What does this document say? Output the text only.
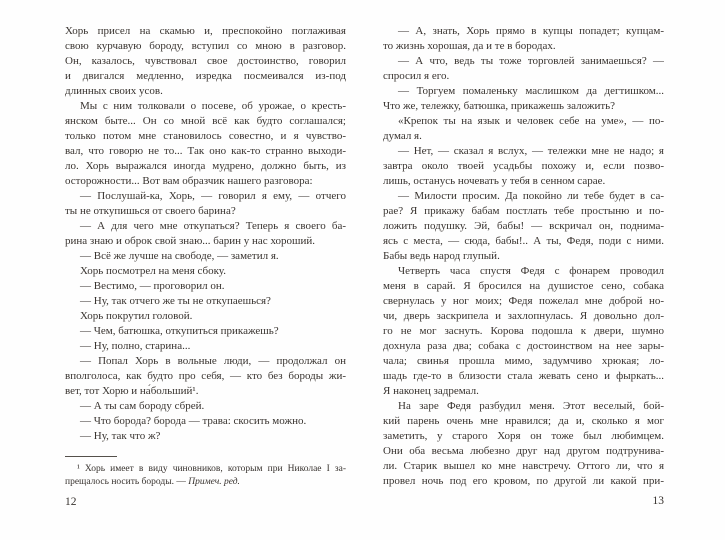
Хорь присел на скамью и, преспокойно поглаживая
свою курчавую бороду, вступил со мною в разговор.
Он, казалось, чувствовал свое достоинство, говорил
и двигался медленно, изредка посмеивался из-под
длинных своих усов.
Мы с ним толковали о посеве, об урожае, о кресть-
янском быте... Он со мной всё как будто соглашался;
только потом мне становилось совестно, и я чувство-
вал, что говорю не то... Так оно как-то странно выходи-
ло. Хорь выражался иногда мудрено, должно быть, из
осторожности... Вот вам образчик нашего разговора:
— Послушай-ка, Хорь, — говорил я ему, — отчего
ты не откупишься от своего барина?
— А для чего мне откупаться? Теперь я своего ба-
рина знаю и оброк свой знаю... барин у нас хороший.
— Всё же лучше на свободе, — заметил я.
Хорь посмотрел на меня сбоку.
— Вестимо, — проговорил он.
— Ну, так отчего же ты не откупаешься?
Хорь покрутил головой.
— Чем, батюшка, откупиться прикажешь?
— Ну, полно, старина...
— Попал Хорь в вольные люди, — продолжал он
вполголоса, как будто про себя, — кто без бороды жи-
вет, тот Хорю и на́больший¹.
— А ты сам бороду сбрей.
— Что борода? борода — трава: скосить можно.
— Ну, так что ж?
¹ Хорь имеет в виду чиновников, которым при Николае I за-
прещалось носить бороды. — Примеч. ред.
12
— А, знать, Хорь прямо в купцы попадет; купцам-
то жизнь хорошая, да и те в бородах.
— А что, ведь ты тоже торговлей занимаешься? —
спросил я его.
— Торгуем помаленьку маслишком да дегтишком...
Что же, тележку, батюшка, прикажешь заложить?
«Крепок ты на язык и человек себе на уме», — по-
думал я.
— Нет, — сказал я вслух, — тележки мне не надо; я
завтра около твоей усадьбы похожу и, если позво-
лишь, останусь ночевать у тебя в сенном сарае.
— Милости просим. Да покойно ли тебе будет в са-
рае? Я прикажу бабам постлать тебе простыню и по-
ложить подушку. Эй, бабы! — вскричал он, поднима-
ясь с места, — сюда, бабы!.. А ты, Федя, поди с ними.
Бабы ведь народ глупый.
Четверть часа спустя Федя с фонарем проводил
меня в сарай. Я бросился на душистое сено, собака
свернулась у ног моих; Федя пожелал мне доброй но-
чи, дверь заскрипела и захлопнулась. Я довольно дол-
го не мог заснуть. Корова подошла к двери, шумно
дохнула раза два; собака с достоинством на нее зары-
чала; свинья прошла мимо, задумчиво хрюкая; ло-
шадь где-то в близости стала жевать сено и фыркать...
Я наконец задремал.
На заре Федя разбудил меня. Этот веселый, бой-
кий парень очень мне нравился; да и, сколько я мог
заметить, у старого Хоря он тоже был любимцем.
Они оба весьма любезно друг над другом подтрунива-
ли. Старик вышел ко мне навстречу. Оттого ли, что я
провел ночь под его кровом, по другой ли какой при-
13
